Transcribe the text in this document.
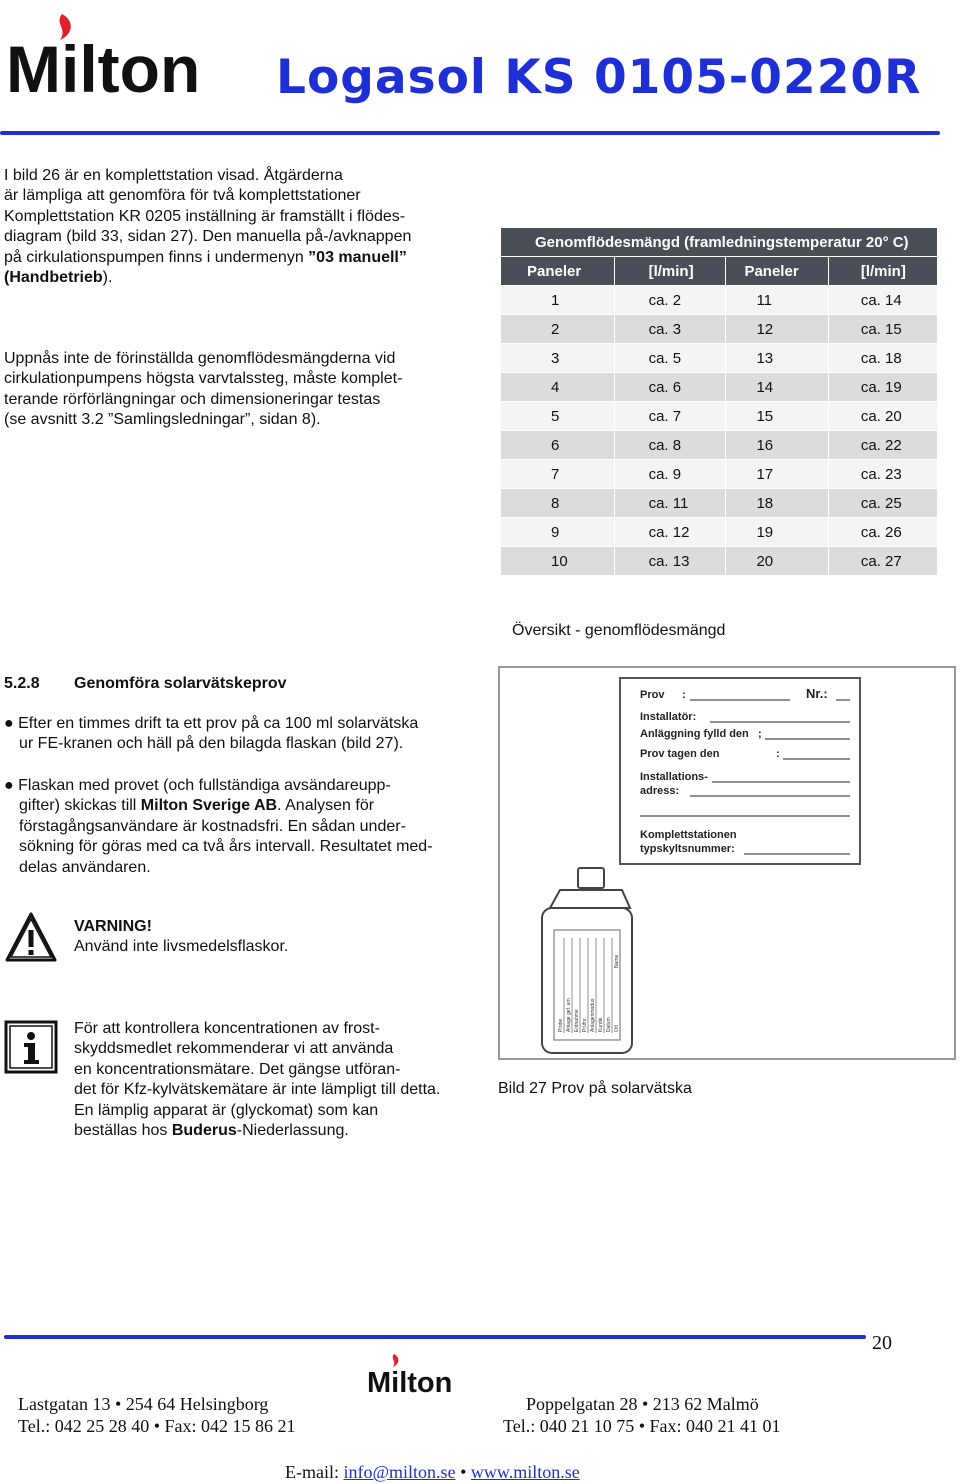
Milton Logasol KS 0105-0220R
I bild 26 är en komplettstation visad. Åtgärderna
är lämpliga att genomföra för två komplettstationer
Komplettstation KR 0205 inställning är framställt i flödes-
diagram (bild 33, sidan 27). Den manuella på-/avknappen
på cirkulationspumpen finns i undermenyn ”03 manuell”
(Handbetrieb).
Uppnås inte de förinställda genomflödesmängderna vid
cirkulationpumpens högsta varvtalssteg, måste komplet-
terande rörförlängningar och dimensioneringar testas
(se avsnitt 3.2 ”Samlingsledningar”, sidan 8).
Genomflödesmängd (framledningstemperatur 20° C)			
Paneler	[l/min]	Paneler	[l/min]
1	ca. 2	11	ca. 14
2	ca. 3	12	ca. 15
3	ca. 5	13	ca. 18
4	ca. 6	14	ca. 19
5	ca. 7	15	ca. 20
6	ca. 8	16	ca. 22
7	ca. 9	17	ca. 23
8	ca. 11	18	ca. 25
9	ca. 12	19	ca. 26
10	ca. 13	20	ca. 27
Översikt - genomflödesmängd
5.2.8 Genomföra solarvätskeprov
● Efter en timmes drift ta ett prov på ca 100 ml solarvätska
ur FE-kranen och häll på den bilagda flaskan (bild 27).
● Flaskan med provet (och fullständiga avsändareupp-
gifter) skickas till Milton Sverige AB. Analysen för
förstagångsanvändare är kostnadsfri. En sådan under-
sökning för göras med ca två års intervall. Resultatet med-
delas användaren.
VARNING!
Använd inte livsmedelsflaskor.
För att kontrollera koncentrationen av frost-
skyddsmedlet rekommenderar vi att använda
en koncentrationsmätare. Det gängse utföran-
det för Kfz-kylvätskemätare är inte lämpligt till detta.
En lämplig apparat är (glyckomat) som kan
beställas hos Buderus-Niederlassung.
Prov :	Nr.:
Installatör:
Anläggning fylld den ;
Prov tagen den	:
Installations-
adress:
Komplettstationen
typskyltsnummer:
Probe Anlage gef. am Entnahme Prüfnr. Anlagenmodus Kunde Datum Ort
Name
Bild 27 Prov på solarvätska
20
Milton
Lastgatan 13 • 254 64 Helsingborg
Tel.: 042 25 28 40 • Fax: 042 15 86 21
Poppelgatan 28 • 213 62 Malmö
Tel.: 040 21 10 75 • Fax: 040 21 41 01
E-mail: info@milton.se • www.milton.se
